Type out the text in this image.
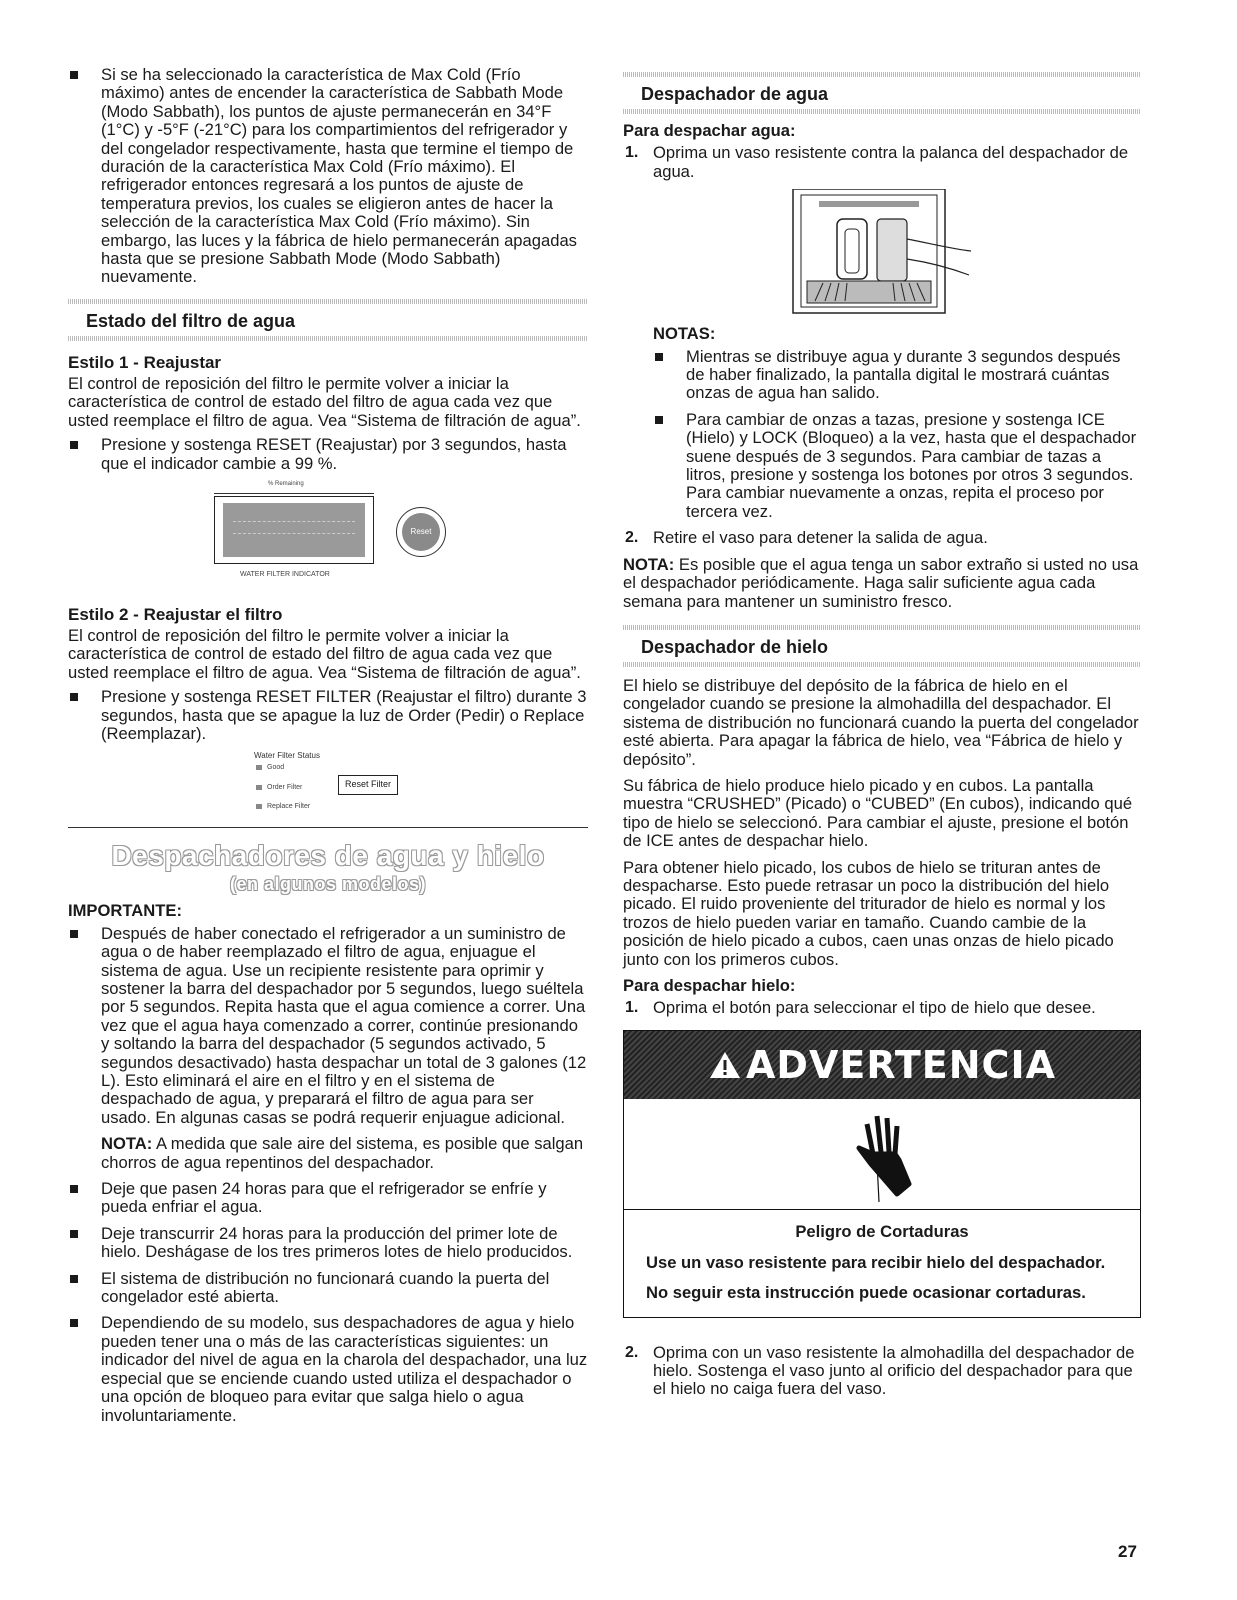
Si se ha seleccionado la característica de Max Cold (Frío máximo) antes de encender la característica de Sabbath Mode (Modo Sabbath), los puntos de ajuste permanecerán en 34°F (1°C) y -5°F (-21°C) para los compartimientos del refrigerador y del congelador respectivamente, hasta que termine el tiempo de duración de la característica Max Cold (Frío máximo). El refrigerador entonces regresará a los puntos de ajuste de temperatura previos, los cuales se eligieron antes de hacer la selección de la característica Max Cold (Frío máximo). Sin embargo, las luces y la fábrica de hielo permanecerán apagadas hasta que se presione Sabbath Mode (Modo Sabbath) nuevamente.

Estado del filtro de agua
Estilo 1 - Reajustar

El control de reposición del filtro le permite volver a iniciar la característica de control de estado del filtro de agua cada vez que usted reemplace el filtro de agua. Vea “Sistema de filtración de agua”.

Presione y sostenga RESET (Reajustar) por 3 segundos, hasta que el indicador cambie a 99 %.

% Remaining
Reset
WATER FILTER INDICATOR
Estilo 2 - Reajustar el filtro

El control de reposición del filtro le permite volver a iniciar la característica de control de estado del filtro de agua cada vez que usted reemplace el filtro de agua. Vea “Sistema de filtración de agua”.

Presione y sostenga RESET FILTER (Reajustar el filtro) durante 3 segundos, hasta que se apague la luz de Order (Pedir) o Replace (Reemplazar).

Water Filter Status
Good
Order Filter
Replace Filter
Reset Filter
Despachadores de agua y hielo
(en algunos modelos)
IMPORTANTE:

Después de haber conectado el refrigerador a un suministro de agua o de haber reemplazado el filtro de agua, enjuague el sistema de agua. Use un recipiente resistente para oprimir y sostener la barra del despachador por 5 segundos, luego suéltela por 5 segundos. Repita hasta que el agua comience a correr. Una vez que el agua haya comenzado a correr, continúe presionando y soltando la barra del despachador (5 segundos activado, 5 segundos desactivado) hasta despachar un total de 3 galones (12 L). Esto eliminará el aire en el filtro y en el sistema de despachado de agua, y preparará el filtro de agua para ser usado. En algunas casas se podrá requerir enjuague adicional.

NOTA: A medida que sale aire del sistema, es posible que salgan chorros de agua repentinos del despachador.

Deje que pasen 24 horas para que el refrigerador se enfríe y pueda enfriar el agua.

Deje transcurrir 24 horas para la producción del primer lote de hielo. Deshágase de los tres primeros lotes de hielo producidos.

El sistema de distribución no funcionará cuando la puerta del congelador esté abierta.

Dependiendo de su modelo, sus despachadores de agua y hielo pueden tener una o más de las características siguientes: un indicador del nivel de agua en la charola del despachador, una luz especial que se enciende cuando usted utiliza el despachador o una opción de bloqueo para evitar que salga hielo o agua involuntariamente.

Despachador de agua
Para despachar agua:
1. Oprima un vaso resistente contra la palanca del despachador de agua.

NOTAS:

Mientras se distribuye agua y durante 3 segundos después de haber finalizado, la pantalla digital le mostrará cuántas onzas de agua han salido.

Para cambiar de onzas a tazas, presione y sostenga ICE (Hielo) y LOCK (Bloqueo) a la vez, hasta que el despachador suene después de 3 segundos. Para cambiar de tazas a litros, presione y sostenga los botones por otros 3 segundos. Para cambiar nuevamente a onzas, repita el proceso por tercera vez.

2. Retire el vaso para detener la salida de agua.

NOTA: Es posible que el agua tenga un sabor extraño si usted no usa el despachador periódicamente. Haga salir suficiente agua cada semana para mantener un suministro fresco.

Despachador de hielo

El hielo se distribuye del depósito de la fábrica de hielo en el congelador cuando se presione la almohadilla del despachador. El sistema de distribución no funcionará cuando la puerta del congelador esté abierta. Para apagar la fábrica de hielo, vea “Fábrica de hielo y depósito”.

Su fábrica de hielo produce hielo picado y en cubos. La pantalla muestra “CRUSHED” (Picado) o “CUBED” (En cubos), indicando qué tipo de hielo se seleccionó. Para cambiar el ajuste, presione el botón de ICE antes de despachar hielo.

Para obtener hielo picado, los cubos de hielo se trituran antes de despacharse. Esto puede retrasar un poco la distribución del hielo picado. El ruido proveniente del triturador de hielo es normal y los trozos de hielo pueden variar en tamaño. Cuando cambie de la posición de hielo picado a cubos, caen unas onzas de hielo picado junto con los primeros cubos.

Para despachar hielo:
1. Oprima el botón para seleccionar el tipo de hielo que desee.

ADVERTENCIA
Peligro de Cortaduras

Use un vaso resistente para recibir hielo del despachador.

No seguir esta instrucción puede ocasionar cortaduras.

2. Oprima con un vaso resistente la almohadilla del despachador de hielo. Sostenga el vaso junto al orificio del despachador para que el hielo no caiga fuera del vaso.

27
